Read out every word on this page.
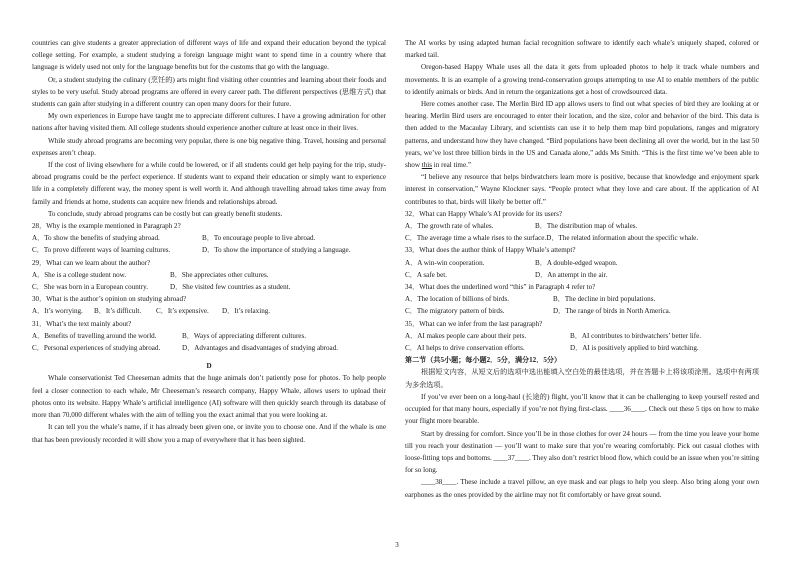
countries can give students a greater appreciation of different ways of life and expand their education beyond the typical college setting. For example, a student studying a foreign language might want to spend time in a country where that language is widely used not only for the language benefits but for the customs that go with the language.

Or, a student studying the culinary (烹饪的) arts might find visiting other countries and learning about their foods and styles to be very useful. Study abroad programs are offered in every career path. The different perspectives (思维方式) that students can gain after studying in a different country can open many doors for their future.

My own experiences in Europe have taught me to appreciate different cultures. I have a growing admiration for other nations after having visited them. All college students should experience another culture at least once in their lives.

While study abroad programs are becoming very popular, there is one big negative thing. Travel, housing and personal expenses aren’t cheap.

If the cost of living elsewhere for a while could be lowered, or if all students could get help paying for the trip, study- abroad programs could be the perfect experience. If students want to expand their education or simply want to experience life in a completely different way, the money spent is well worth it. And although travelling abroad takes time away from family and friends at home, students can acquire new friends and relationships abroad.

To conclude, study abroad programs can be costly but can greatly benefit students.

28．Why is the example mentioned in Paragraph 2?

A．To show the benefits of studying abroad.	B．To encourage people to live abroad.

C．To prove different ways of learning cultures.	D．To show the importance of studying a language.

29．What can we learn about the author?

A．She is a college student now.	B．She appreciates other cultures.

C．She was born in a European country.	D．She visited few countries as a student.

30．What is the author’s opinion on studying abroad?

A．It’s worrying. B．It’s difficult. C．It’s expensive. D．It’s relaxing.

31．What’s the text mainly about?

A．Benefits of travelling around the world.	B．Ways of appreciating different cultures.

C．Personal experiences of studying abroad.	D．Advantages and disadvantages of studying abroad.

D

Whale conservationist Ted Cheeseman admits that the huge animals don’t patiently pose for photos. To help people feel a closer connection to each whale, Mr Cheeseman’s research company, Happy Whale, allows users to upload their photos onto its website. Happy Whale’s artificial intelligence (AI) software will then quickly search through its database of more than 70,000 different whales with the aim of telling you the exact animal that you were looking at.

It can tell you the whale’s name, if it has already been given one, or invite you to choose one. And if the whale is one that has been previously recorded it will show you a map of everywhere that it has been sighted.

The AI works by using adapted human facial recognition software to identify each whale’s uniquely shaped, colored or marked tail.

Oregon-based Happy Whale uses all the data it gets from uploaded photos to help it track whale numbers and movements. It is an example of a growing trend-conservation groups attempting to use AI to enable members of the public to identify animals or birds. And in return the organizations get a host of crowdsourced data.

Here comes another case. The Merlin Bird ID app allows users to find out what species of bird they are looking at or hearing. Merlin Bird users are encouraged to enter their location, and the size, color and behavior of the bird. This data is then added to the Macaulay Library, and scientists can use it to help them map bird populations, ranges and migratory patterns, and understand how they have changed. “Bird populations have been declining all over the world, but in the last 50 years, we’ve lost three billion birds in the US and Canada alone,” adds Ms Smith. “This is the first time we’ve been able to show this in real time.”

“I believe any resource that helps birdwatchers learn more is positive, because that knowledge and enjoyment spark interest in conservation,” Wayne Klockner says. “People protect what they love and care about. If the application of AI contributes to that, birds will likely be better off.”

32．What can Happy Whale’s AI provide for its users?

A．The growth rate of whales.	B．The distribution map of whales.

C．The average time a whale rises to the surface.D．The related information about the specific whale.

33．What does the author think of Happy Whale’s attempt?

A．A win-win cooperation.	B．A double-edged weapon.

C．A safe bet.	D．An attempt in the air.

34．What does the underlined word “this” in Paragraph 4 refer to?

A．The location of billions of birds.	B．The decline in bird populations.

C．The migratory pattern of birds.	D．The range of birds in North America.

35．What can we infer from the last paragraph?

A．AI makes people care about their pets.	B．AI contributes to birdwatchers’ better life.

C．AI helps to drive conservation efforts.	D．AI is positively applied to bird watching.

第二节（共5小题；每小题2．5分，满分12．5分）

根据短文内容，从短文后的选项中选出能填入空白处的最佳选项，并在答题卡上将该项涂黑。选项中有两项为多余选项。

If you’ve ever been on a long-haul (长途的) flight, you’ll know that it can be challenging to keep yourself rested and occupied for that many hours, especially if you’re not flying first-class. ____36____. Check out these 5 tips on how to make your flight more bearable.

Start by dressing for comfort. Since you’ll be in those clothes for over 24 hours — from the time you leave your home till you reach your destination — you’ll want to make sure that you’re wearing comfortably. Pick out casual clothes with loose-fitting tops and bottoms. ____37____. They also don’t restrict blood flow, which could be an issue when you’re sitting for so long.

____38____. These include a travel pillow, an eye mask and ear plugs to help you sleep. Also bring along your own earphones as the ones provided by the airline may not fit comfortably or have great sound.

3
